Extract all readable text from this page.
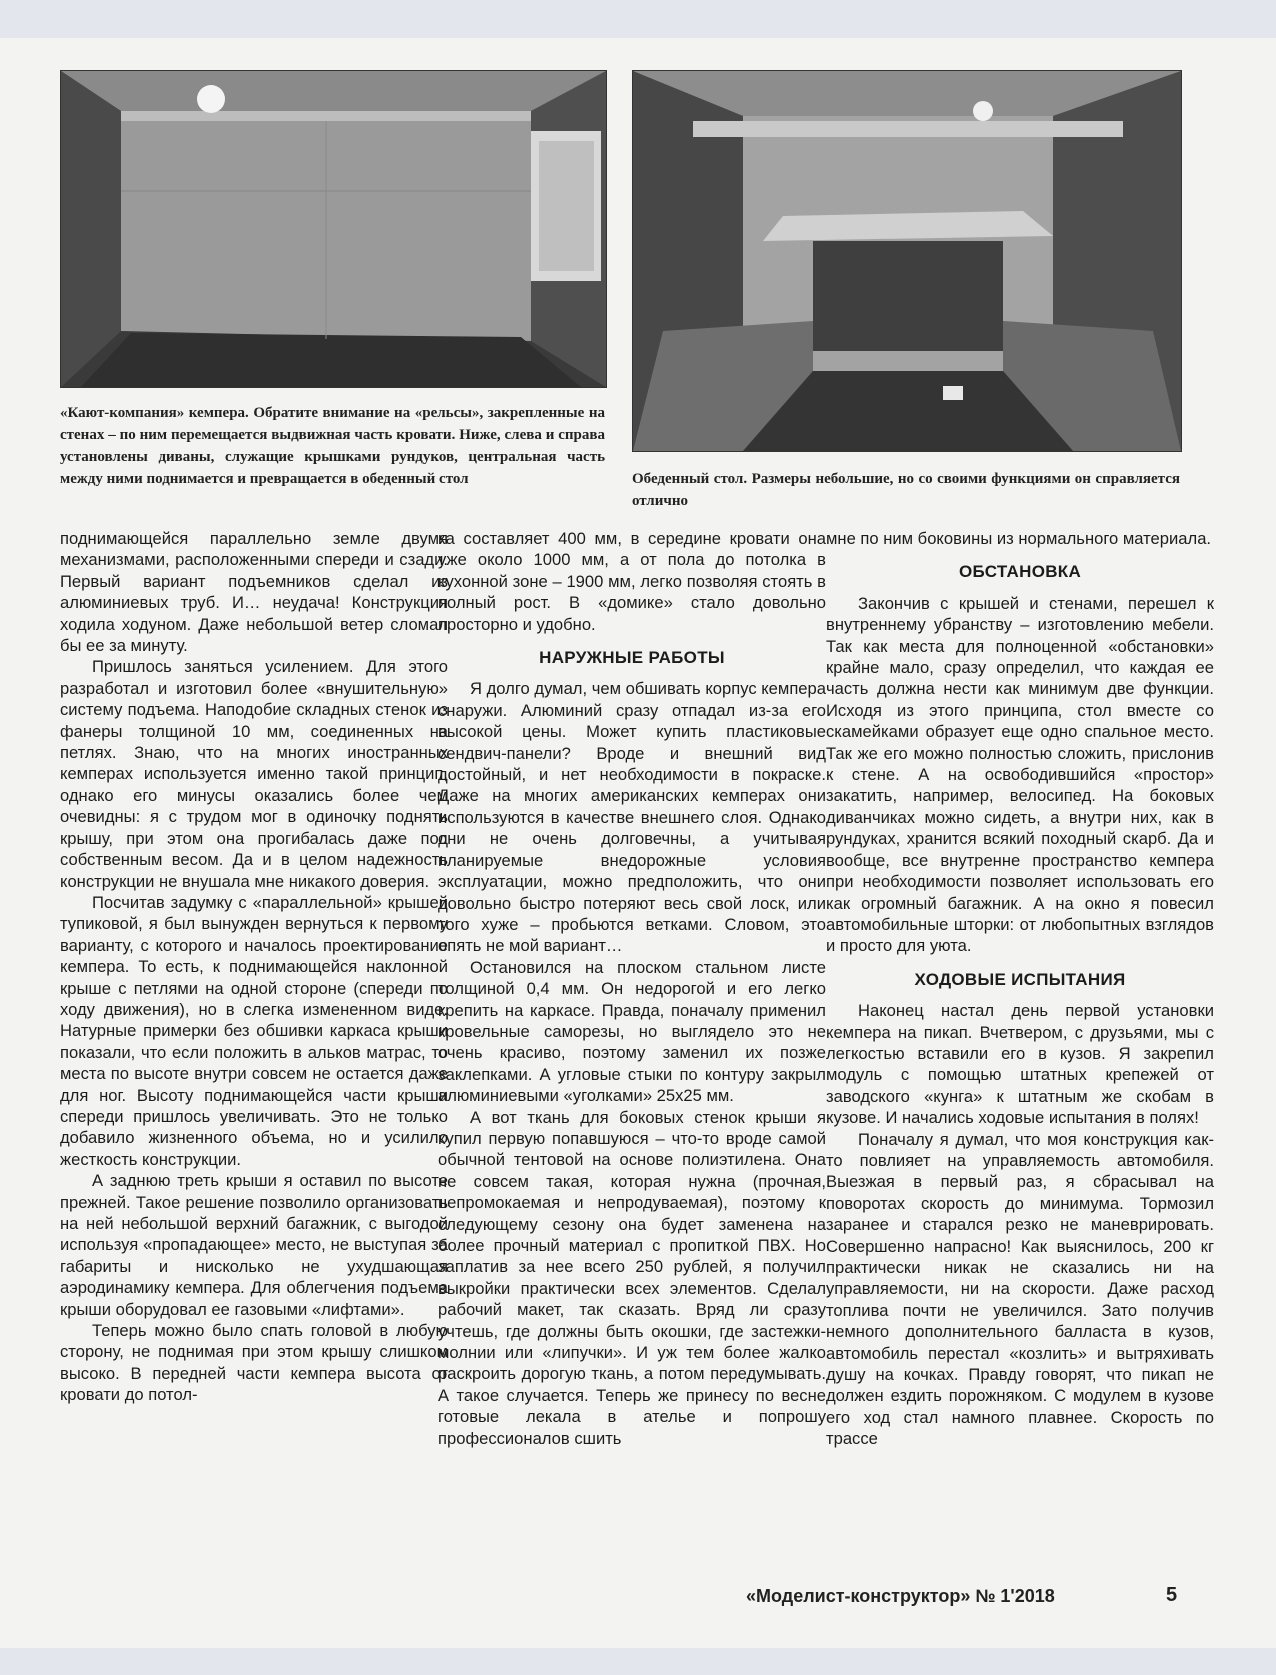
«Кают-компания» кемпера. Обратите внимание на «рельсы», закрепленные на стенах – по ним перемещается выдвижная часть кровати. Ниже, слева и справа установлены диваны, служащие крышками рундуков, центральная часть между ними поднимается и превращается в обеденный стол	Обеденный стол. Размеры небольшие, но со своими функциями он справляется отлично

поднимающейся параллельно земле двумя механизмами, расположенными спереди и сзади. Первый вариант подъемников сделал из алюминиевых труб. И… неудача! Конструкция ходила ходуном. Даже небольшой ветер сломал бы ее за минуту.

Пришлось заняться усилением. Для этого разработал и изготовил более «внушительную» систему подъема. Наподобие складных стенок из фанеры толщиной 10 мм, соединенных на петлях. Знаю, что на многих иностранных кемперах используется именно такой принцип, однако его минусы оказались более чем очевидны: я с трудом мог в одиночку поднять крышу, при этом она прогибалась даже под собственным весом. Да и в целом надежность конструкции не внушала мне никакого доверия.

Посчитав задумку с «параллельной» крышей тупиковой, я был вынужден вернуться к первому варианту, с которого и началось проектирование кемпера. То есть, к поднимающейся наклонной крыше с петлями на одной стороне (спереди по ходу движения), но в слегка измененном виде. Натурные примерки без обшивки каркаса крыши показали, что если положить в альков матрас, то места по высоте внутри совсем не остается даже для ног. Высоту поднимающейся части крыши спереди пришлось увеличивать. Это не только добавило жизненного объема, но и усилило жесткость конструкции.

А заднюю треть крыши я оставил по высоте прежней. Такое решение позволило организовать на ней небольшой верхний багажник, с выгодой используя «пропадающее» место, не выступая за габариты и нисколько не ухудшающая аэродинамику кемпера. Для облегчения подъема крыши оборудовал ее газовыми «лифтами».

Теперь можно было спать головой в любую сторону, не поднимая при этом крышу слишком высоко. В передней части кемпера высота от кровати до потол-

ка составляет 400 мм, в середине кровати она уже около 1000 мм, а от пола до потолка в кухонной зоне – 1900 мм, легко позволяя стоять в полный рост. В «домике» стало довольно просторно и удобно.

НАРУЖНЫЕ РАБОТЫ

Я долго думал, чем обшивать корпус кемпера снаружи. Алюминий сразу отпадал из-за его высокой цены. Может купить пластиковые сендвич-панели? Вроде и внешний вид достойный, и нет необходимости в покраске. Даже на многих американских кемперах они используются в качестве внешнего слоя. Однако они не очень долговечны, а учитывая планируемые внедорожные условия эксплуатации, можно предположить, что они довольно быстро потеряют весь свой лоск, или того хуже – пробьются ветками. Словом, это опять не мой вариант…

Остановился на плоском стальном листе толщиной 0,4 мм. Он недорогой и его легко крепить на каркасе. Правда, поначалу применил кровельные саморезы, но выглядело это не очень красиво, поэтому заменил их позже заклепками. А угловые стыки по контуру закрыл алюминиевыми «уголками» 25х25 мм.

А вот ткань для боковых стенок крыши я купил первую попавшуюся – что-то вроде самой обычной тентовой на основе полиэтилена. Она не совсем такая, которая нужна (прочная, непромокаемая и непродуваемая), поэтому к следующему сезону она будет заменена на более прочный материал с пропиткой ПВХ. Но заплатив за нее всего 250 рублей, я получил выкройки практически всех элементов. Сделал рабочий макет, так сказать. Вряд ли сразу учтешь, где должны быть окошки, где застежки-молнии или «липучки». И уж тем более жалко раскроить дорогую ткань, а потом передумывать. А такое случается. Теперь же принесу по весне готовые лекала в ателье и попрошу профессионалов сшить

мне по ним боковины из нормального материала.

ОБСТАНОВКА

Закончив с крышей и стенами, перешел к внутреннему убранству – изготовлению мебели. Так как места для полноценной «обстановки» крайне мало, сразу определил, что каждая ее часть должна нести как минимум две функции. Исходя из этого принципа, стол вместе со скамейками образует еще одно спальное место. Так же его можно полностью сложить, прислонив к стене. А на освободившийся «простор» закатить, например, велосипед. На боковых диванчиках можно сидеть, а внутри них, как в рундуках, хранится всякий походный скарб. Да и вообще, все внутренне пространство кемпера при необходимости позволяет использовать его как огромный багажник. А на окно я повесил автомобильные шторки: от любопытных взглядов и просто для уюта.

ХОДОВЫЕ ИСПЫТАНИЯ

Наконец настал день первой установки кемпера на пикап. Вчетвером, с друзьями, мы с легкостью вставили его в кузов. Я закрепил модуль с помощью штатных крепежей от заводского «кунга» к штатным же скобам в кузове. И начались ходовые испытания в полях!

Поначалу я думал, что моя конструкция как-то повлияет на управляемость автомобиля. Выезжая в первый раз, я сбрасывал на поворотах скорость до минимума. Тормозил заранее и старался резко не маневрировать. Совершенно напрасно! Как выяснилось, 200 кг практически никак не сказались ни на управляемости, ни на скорости. Даже расход топлива почти не увеличился. Зато получив немного дополнительного балласта в кузов, автомобиль перестал «козлить» и вытряхивать душу на кочках. Правду говорят, что пикап не должен ездить порожняком. С модулем в кузове его ход стал намного плавнее. Скорость по трассе

«Моделист-конструктор» № 1'2018	5
